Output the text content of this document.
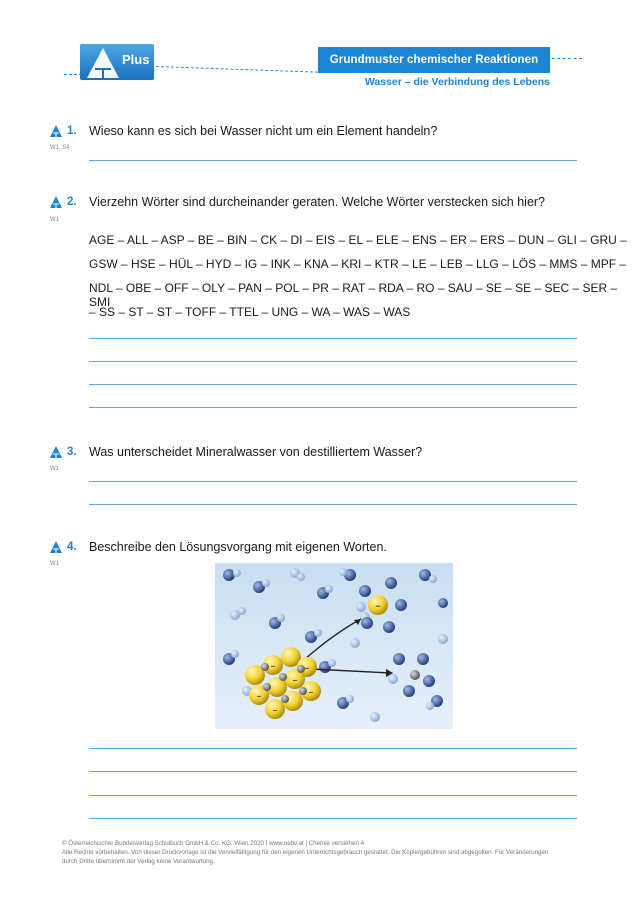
Plus	Grundmuster chemischer Reaktionen
Wasser – die Verbindung des Lebens
1. Wieso kann es sich bei Wasser nicht um ein Element handeln?
W1, S4
2. Vierzehn Wörter sind durcheinander geraten. Welche Wörter verstecken sich hier?
W1
AGE – ALL – ASP – BE – BIN – CK – DI – EIS – EL – ELE – ENS – ER – ERS – DUN – GLI – GRU –
GSW – HSE – HÜL – HYD – IG – INK – KNA – KRI – KTR – LE – LEB – LLG – LÖS – MMS – MPF –
NDL – OBE – OFF – OLY – PAN – POL – PR – RAT – RDA – RO – SAU – SE – SE – SEC – SER – SMI
– SS – ST – ST – TOFF – TTEL – UNG – WA – WAS – WAS
3. Was unterscheidet Mineralwasser von destilliertem Wasser?
W1
4. Beschreibe den Lösungsvorgang mit eigenen Worten.
W1
–
–	–
–
–
–
–
© Österreichischer Bundesverlag Schulbuch GmbH & Co. KG, Wien 2020 | www.oebv.at | Chemie verstehen 4
Alle Rechte vorbehalten. Von dieser Druckvorlage ist die Vervielfältigung für den eigenen Unterrichtsgebrauch gestattet. Die Kopiergebühren sind abgegolten. Für Veränderungen
durch Dritte übernimmt der Verlag keine Verantwortung.
